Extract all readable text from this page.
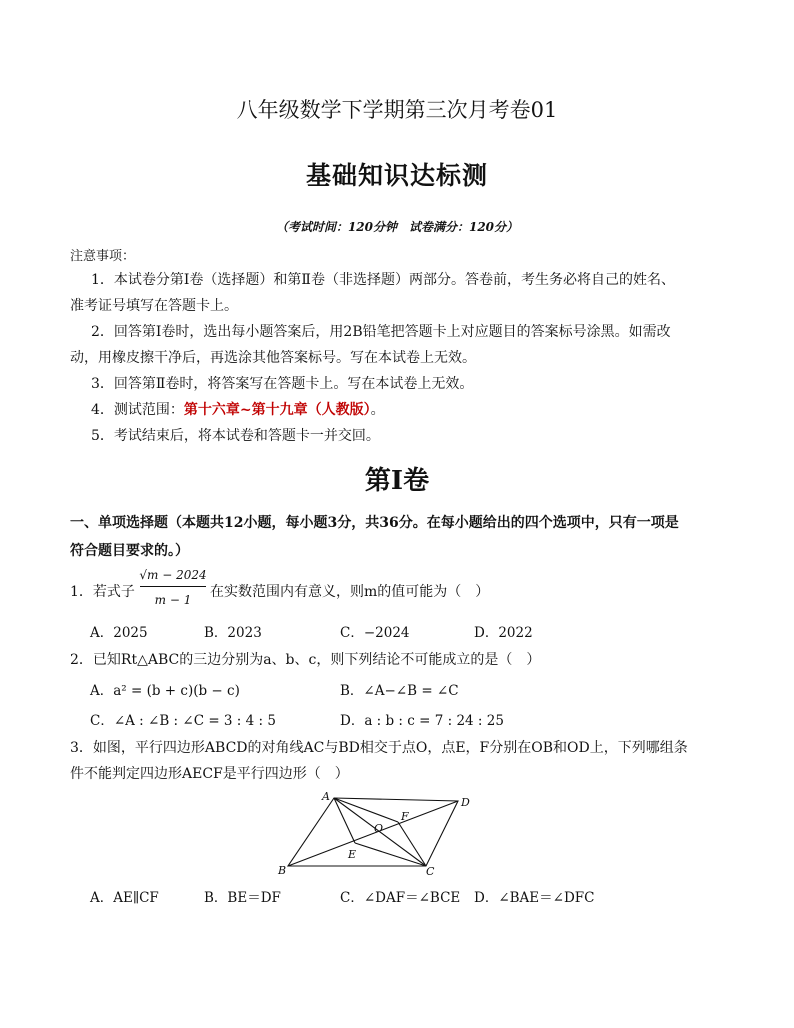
八年级数学下学期第三次月考卷01
基础知识达标测
（考试时间：120分钟　试卷满分：120分）
注意事项：
1．本试卷分第Ⅰ卷（选择题）和第Ⅱ卷（非选择题）两部分。答卷前，考生务必将自己的姓名、
准考证号填写在答题卡上。
2．回答第Ⅰ卷时，选出每小题答案后，用2B铅笔把答题卡上对应题目的答案标号涂黑。如需改
动，用橡皮擦干净后，再选涂其他答案标号。写在本试卷上无效。
3．回答第Ⅱ卷时，将答案写在答题卡上。写在本试卷上无效。
4．测试范围：第十六章~第十九章（人教版）。
5．考试结束后，将本试卷和答题卡一并交回。
第Ⅰ卷
一、单项选择题（本题共12小题，每小题3分，共36分。在每小题给出的四个选项中，只有一项是
符合题目要求的。）
1．若式子
√m − 2024
m − 1	在实数范围内有意义，则m的值可能为（　）
A．2025	B．2023	C．−2024	D．2022
2．已知Rt△ABC的三边分别为a、b、c，则下列结论不可能成立的是（　）
A．a² = (b + c)(b − c)	B．∠A−∠B = ∠C
C．∠A : ∠B : ∠C = 3 : 4 : 5	D．a : b : c = 7 : 24 : 25
3．如图，平行四边形ABCD的对角线AC与BD相交于点O，点E，F分别在OB和OD上，下列哪组条
件不能判定四边形AECF是平行四边形（　）
A	D
C
B
O
E
F
A．AE∥CF	B．BE＝DF	C．∠DAF＝∠BCE D．∠BAE＝∠DFC
